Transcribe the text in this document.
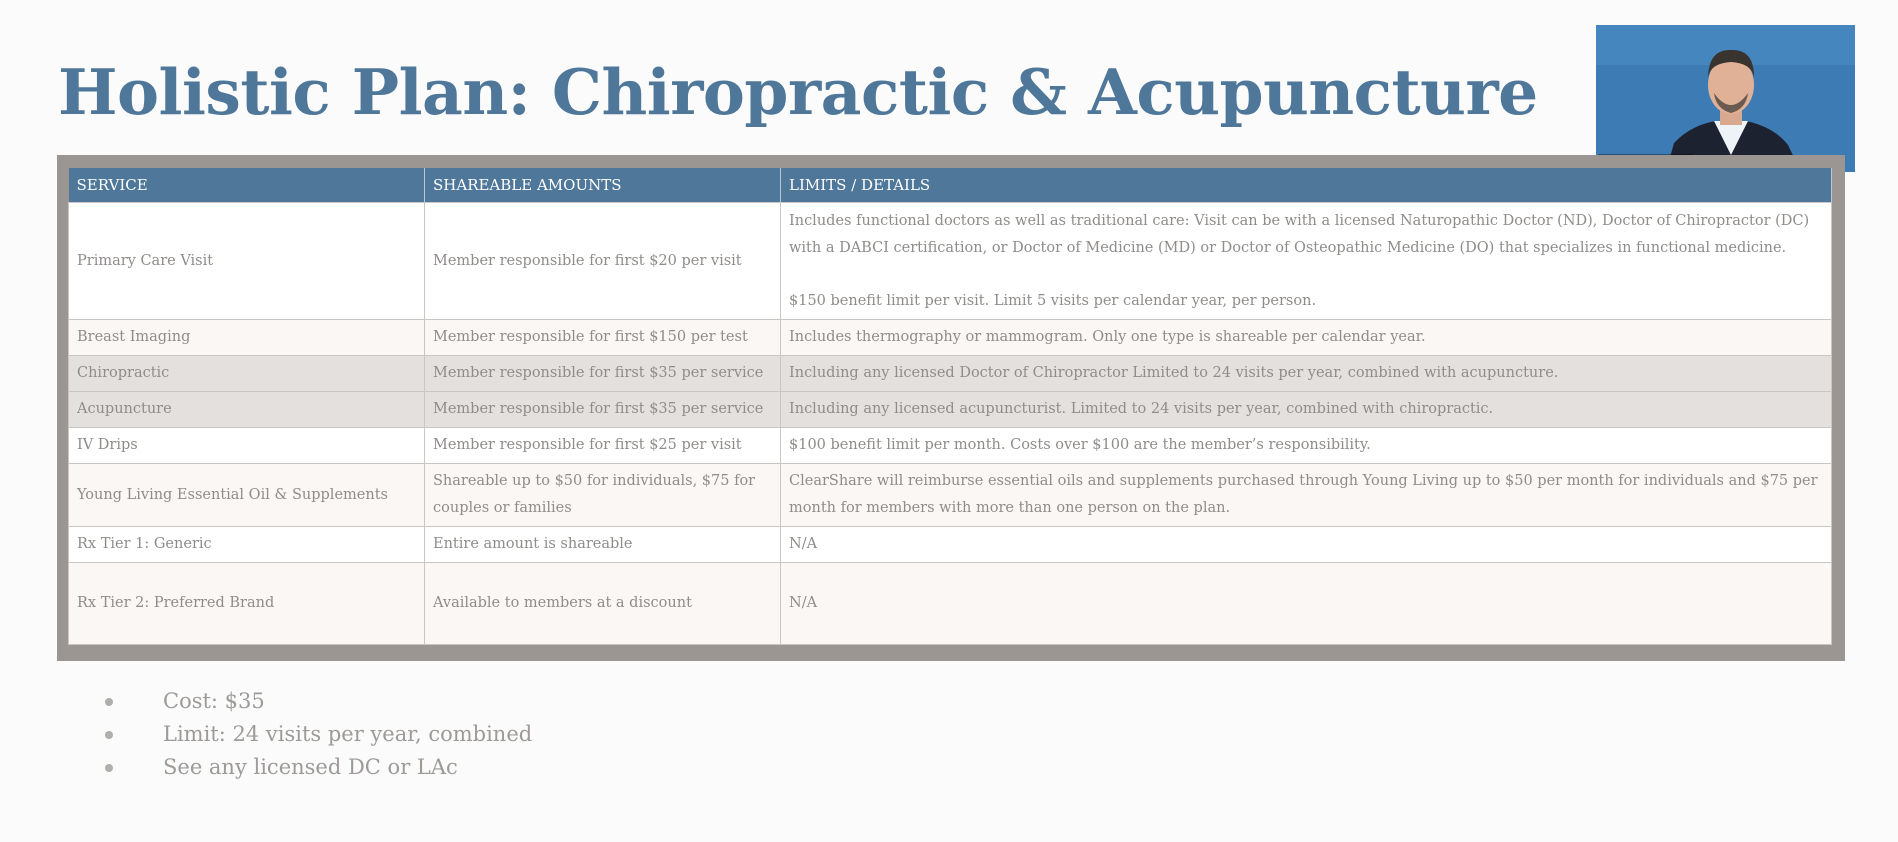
Holistic Plan: Chiropractic & Acupuncture
SERVICE	SHAREABLE AMOUNTS	LIMITS / DETAILS
Primary Care Visit	Member responsible for first $20 per visit	Includes functional doctors as well as traditional care: Visit can be with a licensed Naturopathic Doctor (ND), Doctor of Chiropractor (DC) with a DABCI certification, or Doctor of Medicine (MD) or Doctor of Osteopathic Medicine (DO) that specializes in functional medicine.
$150 benefit limit per visit. Limit 5 visits per calendar year, per person.

Breast Imaging	Member responsible for first $150 per test	Includes thermography or mammogram. Only one type is shareable per calendar year.
Chiropractic	Member responsible for first $35 per service	Including any licensed Doctor of Chiropractor Limited to 24 visits per year, combined with acupuncture.
Acupuncture	Member responsible for first $35 per service	Including any licensed acupuncturist. Limited to 24 visits per year, combined with chiropractic.
IV Drips	Member responsible for first $25 per visit	$100 benefit limit per month. Costs over $100 are the member’s responsibility.
Young Living Essential Oil & Supplements	Shareable up to $50 for individuals, $75 for couples or families	ClearShare will reimburse essential oils and supplements purchased through Young Living up to $50 per month for individuals and $75 per month for members with more than one person on the plan.
Rx Tier 1: Generic	Entire amount is shareable	N/A
Rx Tier 2: Preferred Brand	Available to members at a discount	N/A
Cost: $35
Limit: 24 visits per year, combined
See any licensed DC or LAc
